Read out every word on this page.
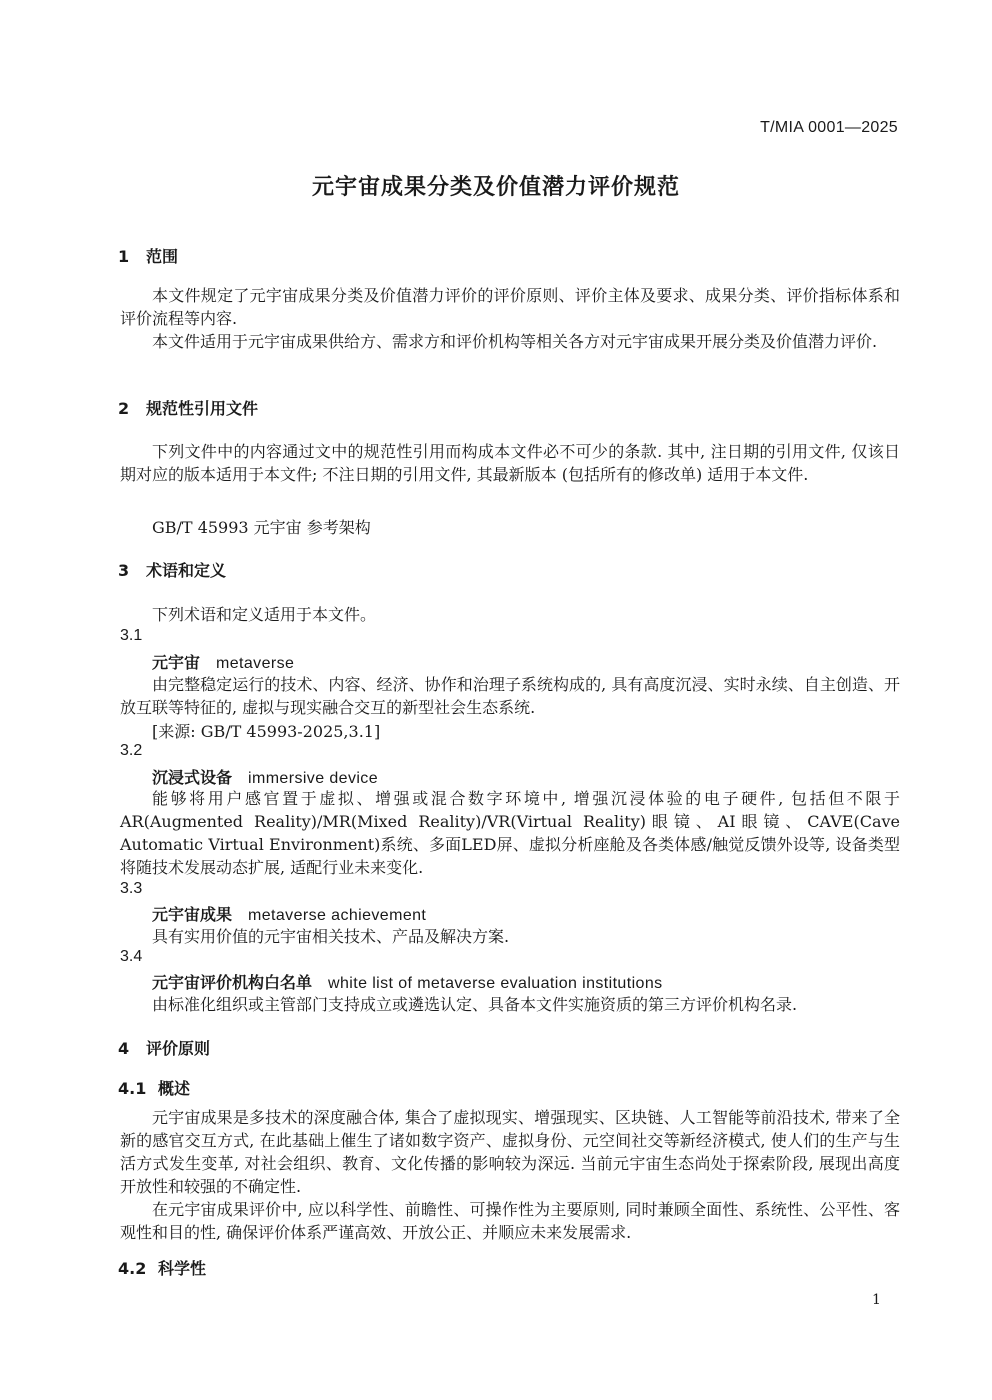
T/MIA 0001—2025
元宇宙成果分类及价值潜力评价规范
1 范围
本文件规定了元宇宙成果分类及价值潜力评价的评价原则、评价主体及要求、成果分类、评价指标体系和评价流程等内容.
本文件适用于元宇宙成果供给方、需求方和评价机构等相关各方对元宇宙成果开展分类及价值潜力评价.
2 规范性引用文件
下列文件中的内容通过文中的规范性引用而构成本文件必不可少的条款. 其中, 注日期的引用文件, 仅该日期对应的版本适用于本文件; 不注日期的引用文件, 其最新版本 (包括所有的修改单) 适用于本文件.
GB/T 45993 元宇宙 参考架构
3 术语和定义
下列术语和定义适用于本文件。
3.1
元宇宙 metaverse
由完整稳定运行的技术、内容、经济、协作和治理子系统构成的, 具有高度沉浸、实时永续、自主创造、开放互联等特征的, 虚拟与现实融合交互的新型社会生态系统.
[来源: GB/T 45993-2025,3.1]
3.2
沉浸式设备 immersive device
能够将用户感官置于虚拟、增强或混合数字环境中, 增强沉浸体验的电子硬件, 包括但不限于AR(Augmented Reality)/MR(Mixed Reality)/VR(Virtual Reality)眼镜、AI眼镜、CAVE(Cave Automatic Virtual Environment)系统、多面LED屏、虚拟分析座舱及各类体感/触觉反馈外设等, 设备类型将随技术发展动态扩展, 适配行业未来变化.
3.3
元宇宙成果 metaverse achievement
具有实用价值的元宇宙相关技术、产品及解决方案.
3.4
元宇宙评价机构白名单 white list of metaverse evaluation institutions
由标准化组织或主管部门支持成立或遴选认定、具备本文件实施资质的第三方评价机构名录.
4 评价原则
4.1 概述
元宇宙成果是多技术的深度融合体, 集合了虚拟现实、增强现实、区块链、人工智能等前沿技术, 带来了全新的感官交互方式, 在此基础上催生了诸如数字资产、虚拟身份、元空间社交等新经济模式, 使人们的生产与生活方式发生变革, 对社会组织、教育、文化传播的影响较为深远. 当前元宇宙生态尚处于探索阶段, 展现出高度开放性和较强的不确定性.
在元宇宙成果评价中, 应以科学性、前瞻性、可操作性为主要原则, 同时兼顾全面性、系统性、公平性、客观性和目的性, 确保评价体系严谨高效、开放公正、并顺应未来发展需求.
4.2 科学性
1
